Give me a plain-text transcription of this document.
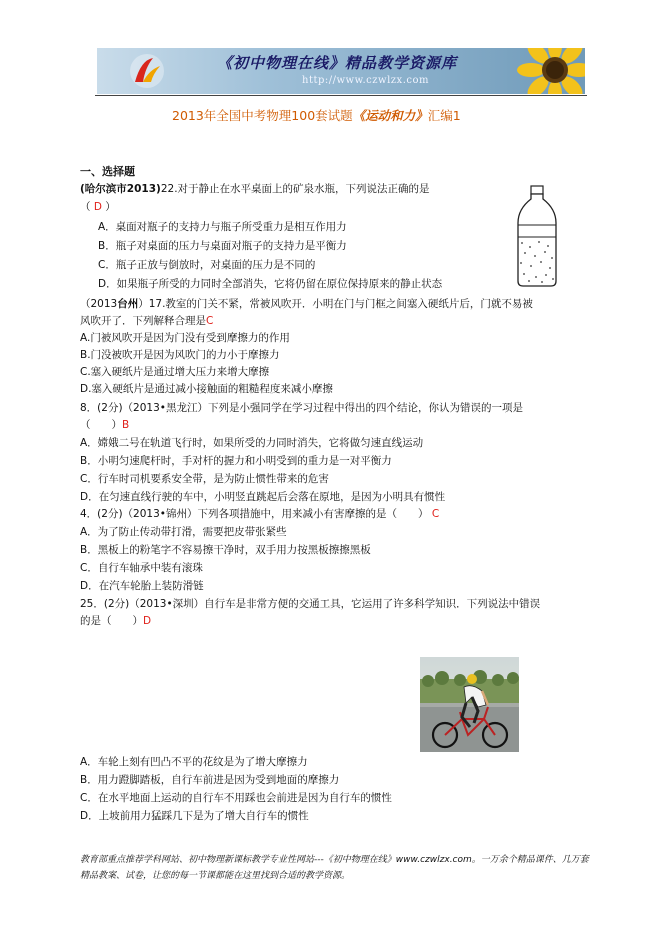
《初中物理在线》精品教学资源库
http://www.czwlzx.com
2013年全国中考物理100套试题《运动和力》汇编1
一、选择题
(哈尔滨市2013)22.对于静止在水平桌面上的矿泉水瓶，下列说法正确的是
（ D ）
A．桌面对瓶子的支持力与瓶子所受重力是相互作用力
B．瓶子对桌面的压力与桌面对瓶子的支持力是平衡力
C．瓶子正放与倒放时，对桌面的压力是不同的
D．如果瓶子所受的力同时全部消失，它将仍留在原位保持原来的静止状态
（2013台州）17.教室的门关不紧，常被风吹开．小明在门与门框之间塞入硬纸片后，门就不易被
风吹开了．下列解释合理是C
A.门被风吹开是因为门没有受到摩擦力的作用
B.门没被吹开是因为风吹门的力小于摩擦力
C.塞入硬纸片是通过增大压力来增大摩擦
D.塞入硬纸片是通过减小接触面的粗糙程度来减小摩擦
8．(2分)（2013•黑龙江）下列是小强同学在学习过程中得出的四个结论，你认为错误的一项是
（　　）B
A．嫦娥二号在轨道飞行时，如果所受的力同时消失，它将做匀速直线运动
B．小明匀速爬杆时，手对杆的握力和小明受到的重力是一对平衡力
C．行车时司机要系安全带，是为防止惯性带来的危害
D．在匀速直线行驶的车中，小明竖直跳起后会落在原地，是因为小明具有惯性
4．(2分)（2013•锦州）下列各项措施中，用来减小有害摩擦的是（　　） C
A．为了防止传动带打滑，需要把皮带张紧些
B．黑板上的粉笔字不容易擦干净时，双手用力按黑板擦擦黑板
C．自行车轴承中装有滚珠
D．在汽车轮胎上装防滑链
25．(2分)（2013•深圳）自行车是非常方便的交通工具，它运用了许多科学知识．下列说法中错误
的是（　　）D
A．车轮上刻有凹凸不平的花纹是为了增大摩擦力
B．用力蹬脚踏板，自行车前进是因为受到地面的摩擦力
C．在水平地面上运动的自行车不用踩也会前进是因为自行车的惯性
D．上坡前用力猛踩几下是为了增大自行车的惯性
教育部重点推荐学科网站、初中物理新课标教学专业性网站---《初中物理在线》www.czwlzx.com。一万余个精品课件、几万套精品教案、试卷，让您的每一节课都能在这里找到合适的教学资源。
